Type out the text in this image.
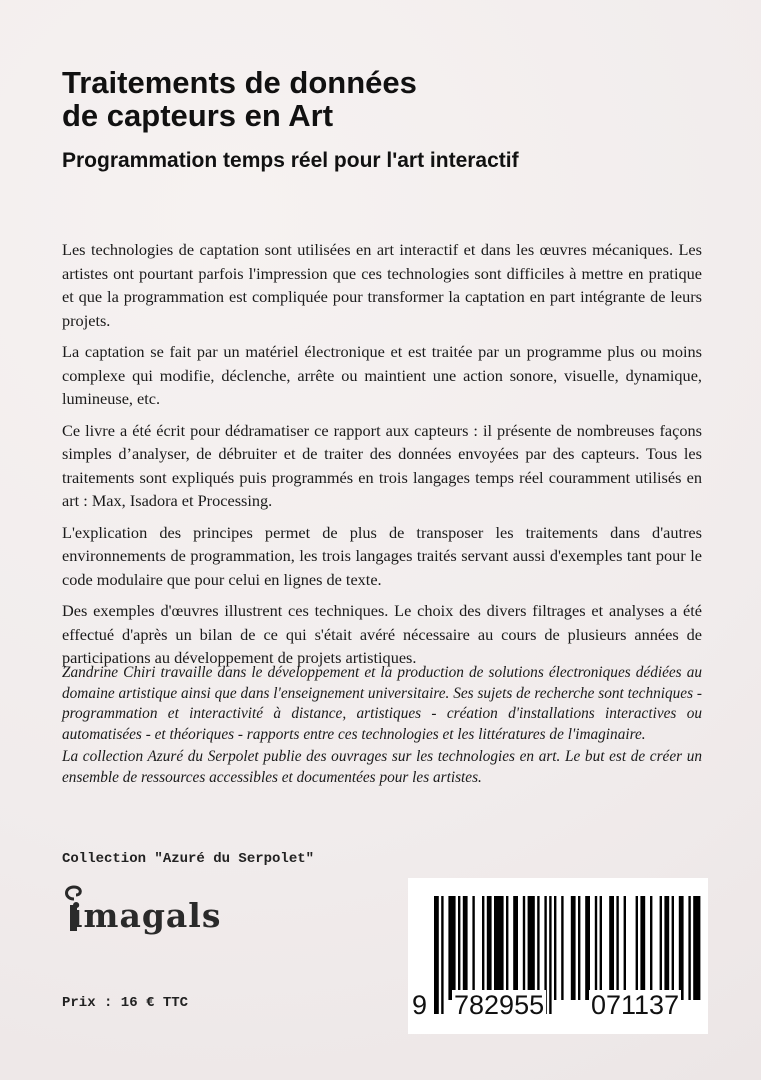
Traitements de données
de capteurs en Art
Programmation temps réel pour l'art interactif

Les technologies de captation sont utilisées en art interactif et dans les œuvres mécaniques. Les artistes ont pourtant parfois l'impression que ces technologies sont difficiles à mettre en pratique et que la programmation est compliquée pour transformer la captation en part intégrante de leurs projets.

La captation se fait par un matériel électronique et est traitée par un programme plus ou moins complexe qui modifie, déclenche, arrête ou maintient une action sonore, visuelle, dynamique, lumineuse, etc.

Ce livre a été écrit pour dédramatiser ce rapport aux capteurs : il présente de nombreuses façons simples d’analyser, de débruiter et de traiter des données envoyées par des capteurs. Tous les traitements sont expliqués puis programmés en trois langages temps réel couramment utilisés en art : Max, Isadora et Processing.

L'explication des principes permet de plus de transposer les traitements dans d'autres environnements de programmation, les trois langages traités servant aussi d'exemples tant pour le code modulaire que pour celui en lignes de texte.

Des exemples d'œuvres illustrent ces techniques. Le choix des divers filtrages et analyses a été effectué d'après un bilan de ce qui s'était avéré nécessaire au cours de plusieurs années de participations au développement de projets artistiques.

Zandrine Chiri travaille dans le développement et la production de solutions électroniques dédiées au domaine artistique ainsi que dans l'enseignement universitaire. Ses sujets de recherche sont techniques - programmation et interactivité à distance, artistiques - création d'installations interactives ou automatisées - et théoriques - rapports entre ces technologies et les littératures de l'imaginaire.

La collection Azuré du Serpolet publie des ouvrages sur les technologies en art. Le but est de créer un ensemble de ressources accessibles et documentées pour les artistes.

Collection "Azuré du Serpolet"
imagals
Prix : 16 € TTC	9 782955 071137
